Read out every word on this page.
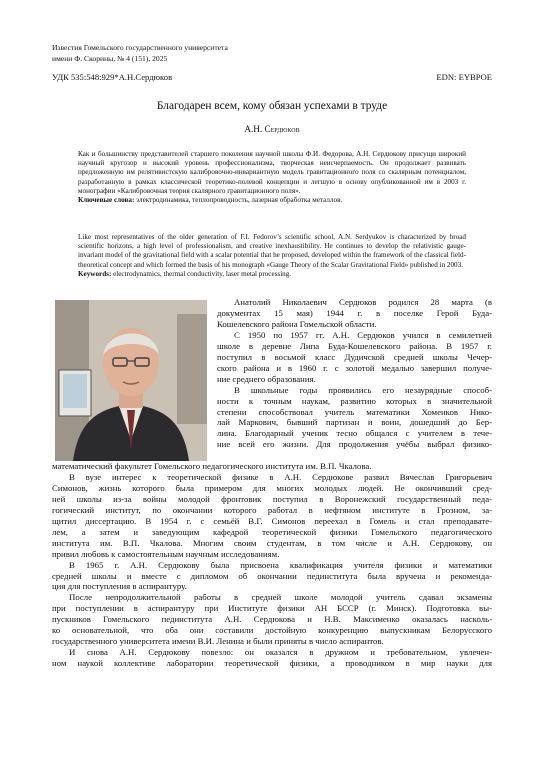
Известия Гомельского государственного университета
имени Ф. Скорины, № 4 (151), 2025
УДК 535:548:929*А.Н.Сердюков	EDN: EYBPOE
Благодарен всем, кому обязан успехами в труде
А.Н. Сердюков
Как и большинству представителей старшего поколения научной школы Ф.И. Федорова, А.Н. Сердюкову присущи широкий научный кругозор и высокий уровень профессионализма, творческая неисчерпаемость. Он продолжает развивать предложенную им релятивистскую калибровочно-инвариантную модель гравитационного поля со скалярным потенциалом, разработанную в рамках классической теоретико-полевой концепции и легшую в основу опубликованной им в 2003 г. монографии «Калибровочная теория скалярного гравитационного поля».
Ключевые слова: электродинамика, теплопроводность, лазерная обработка металлов.
Like most representatives of the older generation of F.I. Fedorov’s scientific school, A.N. Serdyukov is characterized by broad scientific horizons, a high level of professionalism, and creative inexhaustibility. He continues to develop the relativistic gauge-invariant model of the gravitational field with a scalar potential that he proposed, developed within the framework of the classical field-theoretical concept and which formed the basis of his monograph «Gauge Theory of the Scalar Gravitational Field» published in 2003.
Keywords: electrodynamics, thermal conductivity, laser metal processing.
Анатолий Николаевич Сердюков родился 28 марта (в
документах 15 мая) 1944 г. в поселке Герой Буда-
Кошелевского района Гомельской области.
С 1950 по 1957 гг. А.Н. Сердюков учился в семилетней
школе в деревне Липа Буда-Кошелевского района. В 1957 г.
поступил в восьмой класс Дудичской средней школы Чечер-
ского района и в 1960 г. с золотой медалью завершил получе-
ние среднего образования.
В школьные годы проявились его незаурядные способ-
ности к точным наукам, развитию которых в значительной
степени способствовал учитель математики Хоменков Нико-
лай Маркович, бывший партизан и воин, дошедший до Бер-
лина. Благодарный ученик тесно общался с учителем в тече-
ние всей его жизни. Для продолжения учёбы выбрал физико-
математический факультет Гомельского педагогического института им. В.П. Чкалова.
В вузе интерес к теоретической физике в А.Н. Сердюкове развил Вячеслав Григорьевич
Симонов, жизнь которого была примером для многих молодых людей. Не окончивший сред-
ней школы из-за войны молодой фронтовик поступил в Воронежский государственный педа-
гогический институт, по окончании которого работал в нефтяном институте в Грозном, за-
щитил диссертацию. В 1954 г. с семьёй В.Г. Симонов переехал в Гомель и стал преподавате-
лем, а затем и заведующим кафедрой теоретической физики Гомельского педагогического
института им. В.П. Чкалова. Многим своим студентам, в том числе и А.Н. Сердюкову, он
привил любовь к самостоятельным научным исследованиям.
В 1965 г. А.Н. Сердюкову была присвоена квалификация учителя физики и математики
средней школы и вместе с дипломом об окончании пединститута была вручена и рекоменда-
ция для поступления в аспирантуру.
После непродолжительной работы в средней школе молодой учитель сдавал экзамены
при поступлении в аспирантуру при Институте физики АН БССР (г. Минск). Подготовка вы-
пускников Гомельского пединститута А.Н. Сердюкова и Н.В. Максименко оказалась насколь-
ко основательной, что оба они составили достойную конкуренцию выпускникам Белорусского
государственного университета имени В.И. Ленина и были приняты в число аспирантов.
И снова А.Н. Сердюкову повезло: он оказался в дружном и требовательном, увлечен-
ном наукой коллективе лаборатории теоретической физики, а проводником в мир науки для
